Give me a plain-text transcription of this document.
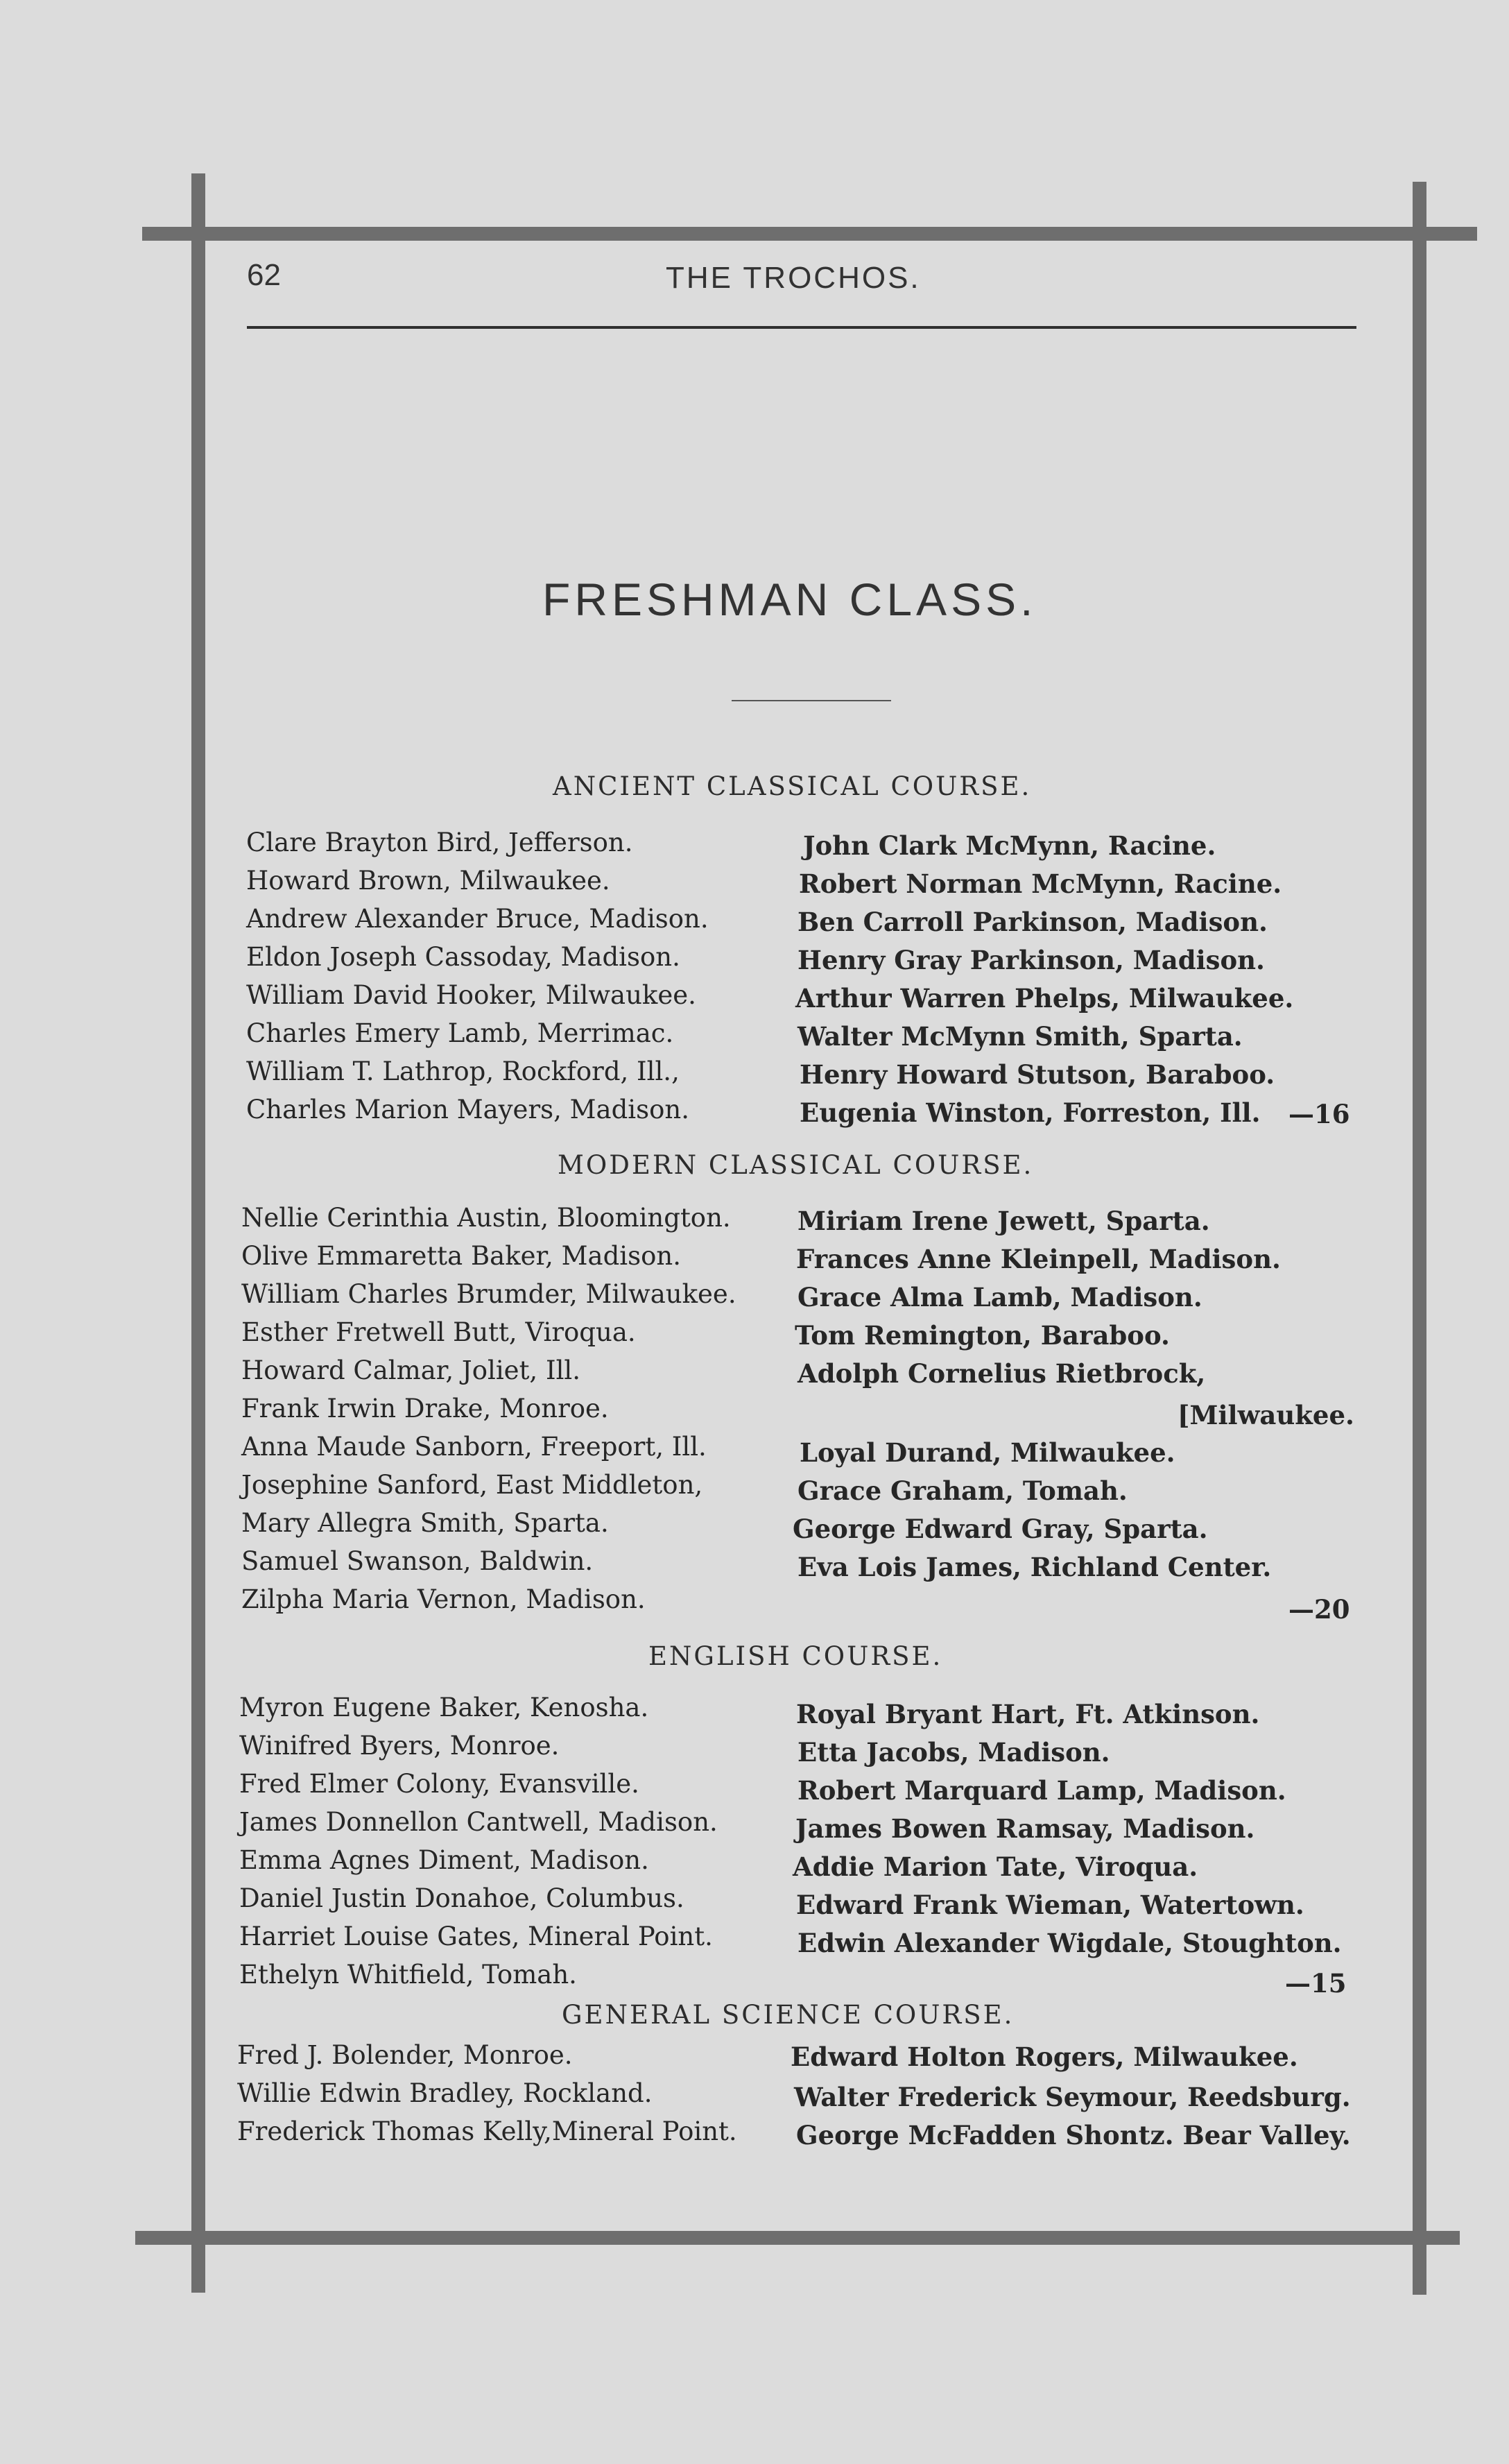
62	THE TROCHOS.
FRESHMAN CLASS.
ANCIENT CLASSICAL COURSE.
Clare Brayton Bird, Jefferson.
Howard Brown, Milwaukee.
Andrew Alexander Bruce, Madison.
Eldon Joseph Cassoday, Madison.
William David Hooker, Milwaukee.
Charles Emery Lamb, Merrimac.
William T. Lathrop, Rockford, Ill.,
Charles Marion Mayers, Madison.
John Clark McMynn, Racine.
Robert Norman McMynn, Racine.
Ben Carroll Parkinson, Madison.
Henry Gray Parkinson, Madison.
Arthur Warren Phelps, Milwaukee.
Walter McMynn Smith, Sparta.
Henry Howard Stutson, Baraboo.
Eugenia Winston, Forreston, Ill. —16
MODERN CLASSICAL COURSE.
Nellie Cerinthia Austin, Bloomington.
Olive Emmaretta Baker, Madison.
William Charles Brumder, Milwaukee.
Esther Fretwell Butt, Viroqua.
Howard Calmar, Joliet, Ill.
Frank Irwin Drake, Monroe.
Anna Maude Sanborn, Freeport, Ill.
Josephine Sanford, East Middleton,
Mary Allegra Smith, Sparta.
Samuel Swanson, Baldwin.
Zilpha Maria Vernon, Madison.
Miriam Irene Jewett, Sparta.
Frances Anne Kleinpell, Madison.
Grace Alma Lamb, Madison.
Tom Remington, Baraboo.
Adolph Cornelius Rietbrock,
[Milwaukee.
Loyal Durand, Milwaukee.
Grace Graham, Tomah.
George Edward Gray, Sparta.
Eva Lois James, Richland Center.
—20
ENGLISH COURSE.
Myron Eugene Baker, Kenosha.
Winifred Byers, Monroe.
Fred Elmer Colony, Evansville.
James Donnellon Cantwell, Madison.
Emma Agnes Diment, Madison.
Daniel Justin Donahoe, Columbus.
Harriet Louise Gates, Mineral Point.
Ethelyn Whitfield, Tomah.
Royal Bryant Hart, Ft. Atkinson.
Etta Jacobs, Madison.
Robert Marquard Lamp, Madison.
James Bowen Ramsay, Madison.
Addie Marion Tate, Viroqua.
Edward Frank Wieman, Watertown.
Edwin Alexander Wigdale, Stoughton.
—15
GENERAL SCIENCE COURSE.
Fred J. Bolender, Monroe.
Willie Edwin Bradley, Rockland.
Frederick Thomas Kelly,Mineral Point.
Edward Holton Rogers, Milwaukee.
Walter Frederick Seymour, Reedsburg.
George McFadden Shontz. Bear Valley.
